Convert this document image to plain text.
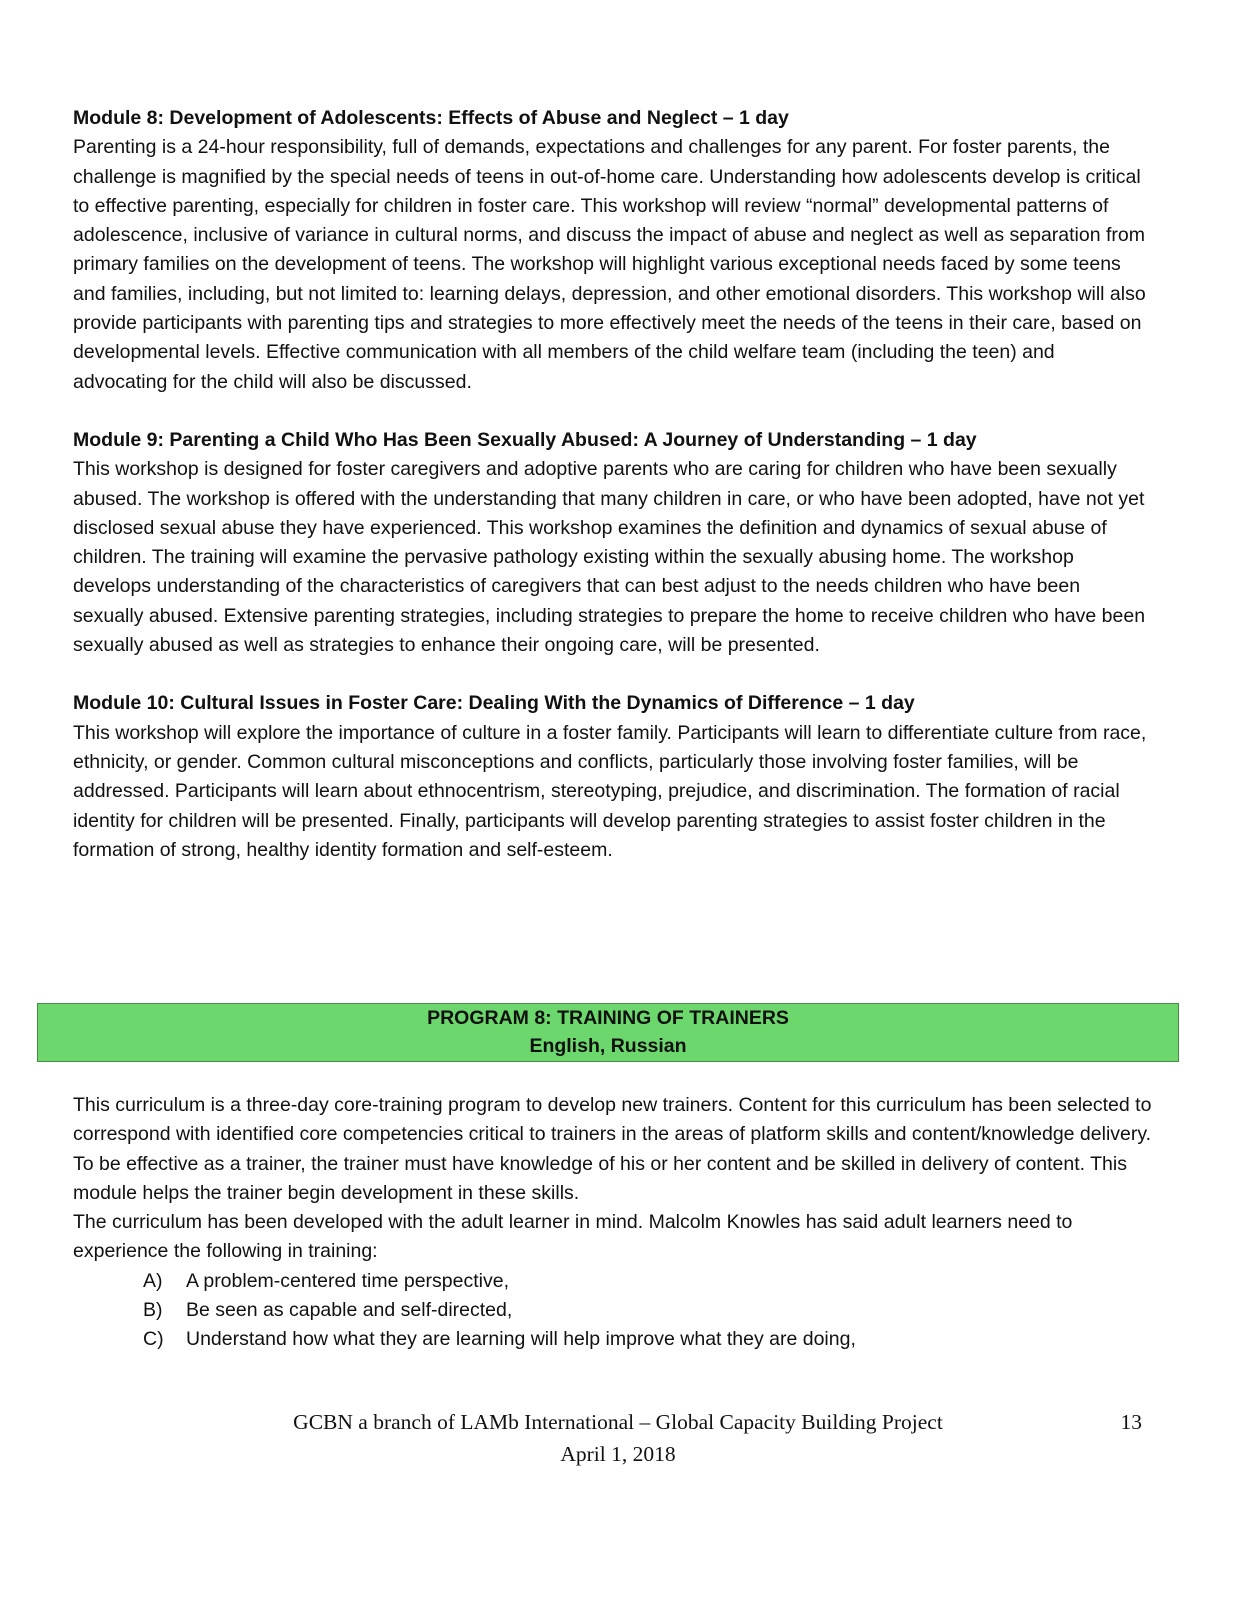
Module 8: Development of Adolescents: Effects of Abuse and Neglect – 1 day

Parenting is a 24-hour responsibility, full of demands, expectations and challenges for any parent. For foster parents, the challenge is magnified by the special needs of teens in out-of-home care. Understanding how adolescents develop is critical to effective parenting, especially for children in foster care. This workshop will review “normal” developmental patterns of adolescence, inclusive of variance in cultural norms, and discuss the impact of abuse and neglect as well as separation from primary families on the development of teens. The workshop will highlight various exceptional needs faced by some teens and families, including, but not limited to: learning delays, depression, and other emotional disorders. This workshop will also provide participants with parenting tips and strategies to more effectively meet the needs of the teens in their care, based on developmental levels. Effective communication with all members of the child welfare team (including the teen) and advocating for the child will also be discussed.

Module 9: Parenting a Child Who Has Been Sexually Abused: A Journey of Understanding – 1 day

This workshop is designed for foster caregivers and adoptive parents who are caring for children who have been sexually abused. The workshop is offered with the understanding that many children in care, or who have been adopted, have not yet disclosed sexual abuse they have experienced. This workshop examines the definition and dynamics of sexual abuse of children. The training will examine the pervasive pathology existing within the sexually abusing home. The workshop develops understanding of the characteristics of caregivers that can best adjust to the needs children who have been sexually abused. Extensive parenting strategies, including strategies to prepare the home to receive children who have been sexually abused as well as strategies to enhance their ongoing care, will be presented.

Module 10: Cultural Issues in Foster Care: Dealing With the Dynamics of Difference – 1 day

This workshop will explore the importance of culture in a foster family. Participants will learn to differentiate culture from race, ethnicity, or gender. Common cultural misconceptions and conflicts, particularly those involving foster families, will be addressed. Participants will learn about ethnocentrism, stereotyping, prejudice, and discrimination. The formation of racial identity for children will be presented. Finally, participants will develop parenting strategies to assist foster children in the formation of strong, healthy identity formation and self-esteem.

PROGRAM 8: TRAINING OF TRAINERS
English, Russian

This curriculum is a three-day core-training program to develop new trainers. Content for this curriculum has been selected to correspond with identified core competencies critical to trainers in the areas of platform skills and content/knowledge delivery. To be effective as a trainer, the trainer must have knowledge of his or her content and be skilled in delivery of content. This module helps the trainer begin development in these skills.

The curriculum has been developed with the adult learner in mind. Malcolm Knowles has said adult learners need to experience the following in training:

A)	A problem-centered time perspective,
B)	Be seen as capable and self-directed,
C)	Understand how what they are learning will help improve what they are doing,
GCBN a branch of LAMb International – Global Capacity Building Project
April 1, 2018
13
